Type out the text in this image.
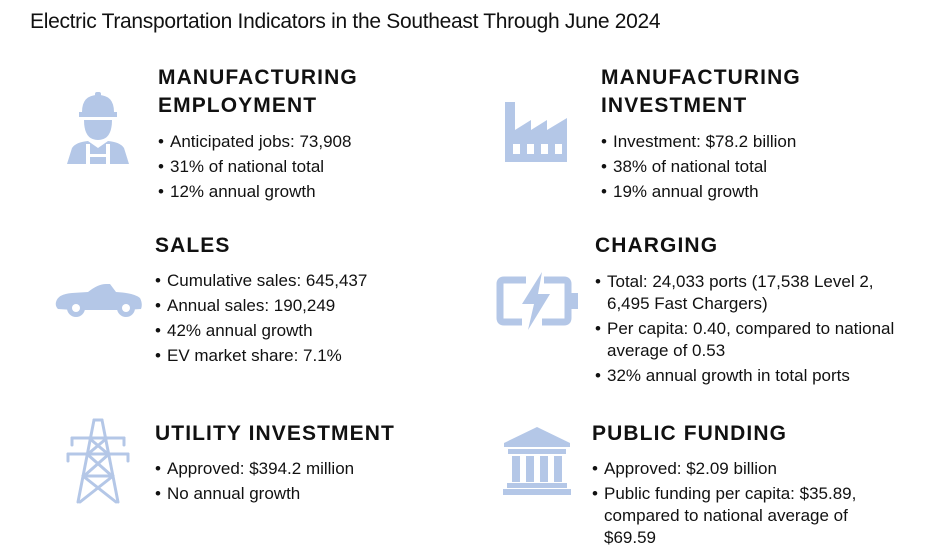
Electric Transportation Indicators in the Southeast Through June 2024
MANUFACTURING
EMPLOYMENT
• Anticipated jobs: 73,908
• 31% of national total
• 12% annual growth
MANUFACTURING
INVESTMENT
• Investment: $78.2 billion
• 38% of national total
• 19% annual growth
SALES
• Cumulative sales: 645,437
• Annual sales: 190,249
• 42% annual growth
• EV market share: 7.1%
CHARGING
• Total: 24,033 ports (17,538 Level 2, 6,495 Fast Chargers)
• Per capita: 0.40, compared to national average of 0.53
• 32% annual growth in total ports
UTILITY INVESTMENT
• Approved: $394.2 million
• No annual growth
PUBLIC FUNDING
• Approved: $2.09 billion
• Public funding per capita: $35.89, compared to national average of $69.59
